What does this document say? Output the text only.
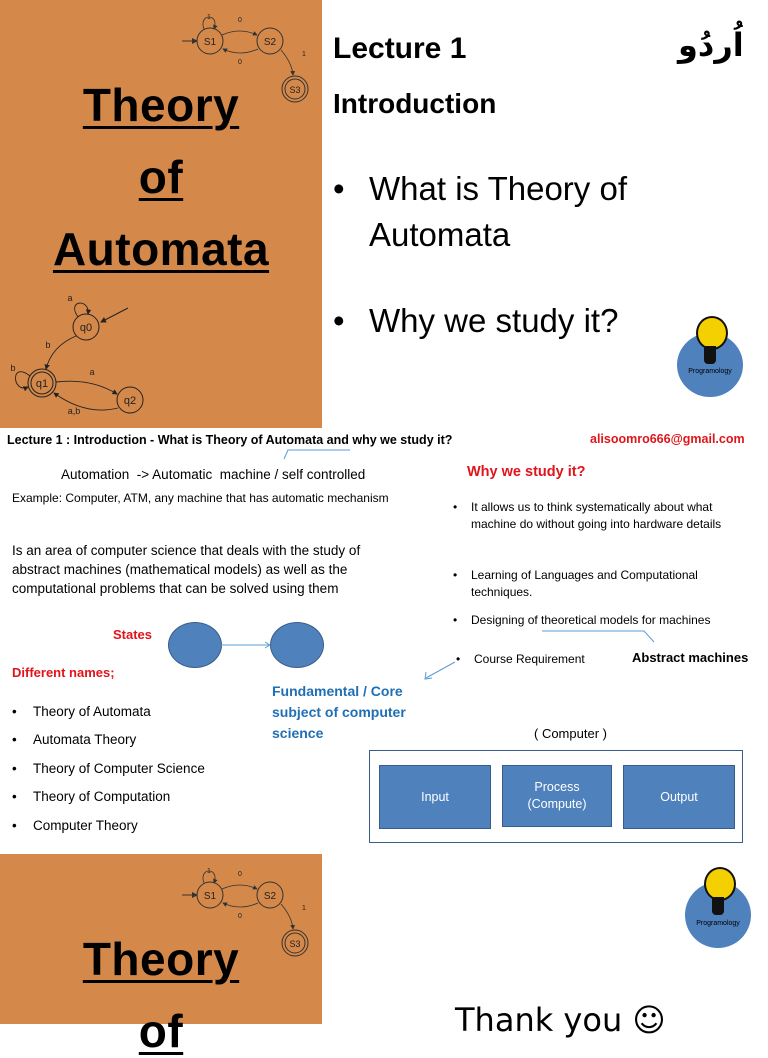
S1	S2
S3
1	0
0
1
Theory
of
Automata
q0
q1
q2
a
b
b	a
a,b
Lecture 1	اُردُو
Introduction
• What is Theory of Automata
• Why we study it?
Programology
Lecture 1 : Introduction - What is Theory of Automata and why we study it?	alisoomro666@gmail.com
Automation  -> Automatic  machine / self controlled
Example: Computer, ATM, any machine that has automatic mechanism
Is an area of computer science that deals with the study of abstract machines (mathematical models) as well as the computational problems that can be solved using them
States
Different names;
• Theory of Automata
• Automata Theory
• Theory of Computer Science
• Theory of Computation
• Computer Theory
Fundamental / Core subject of computer science
Why we study it?
• It allows us to think systematically about what machine do without going into hardware details
• Learning of Languages and Computational techniques.
• Designing of theoretical models for machines
• Course Requirement	Abstract machines
( Computer )
Input
Process (Compute)
Output
S1	S2
S3
1	0
0
1
Theory
of
Programology
Thank you ☺
